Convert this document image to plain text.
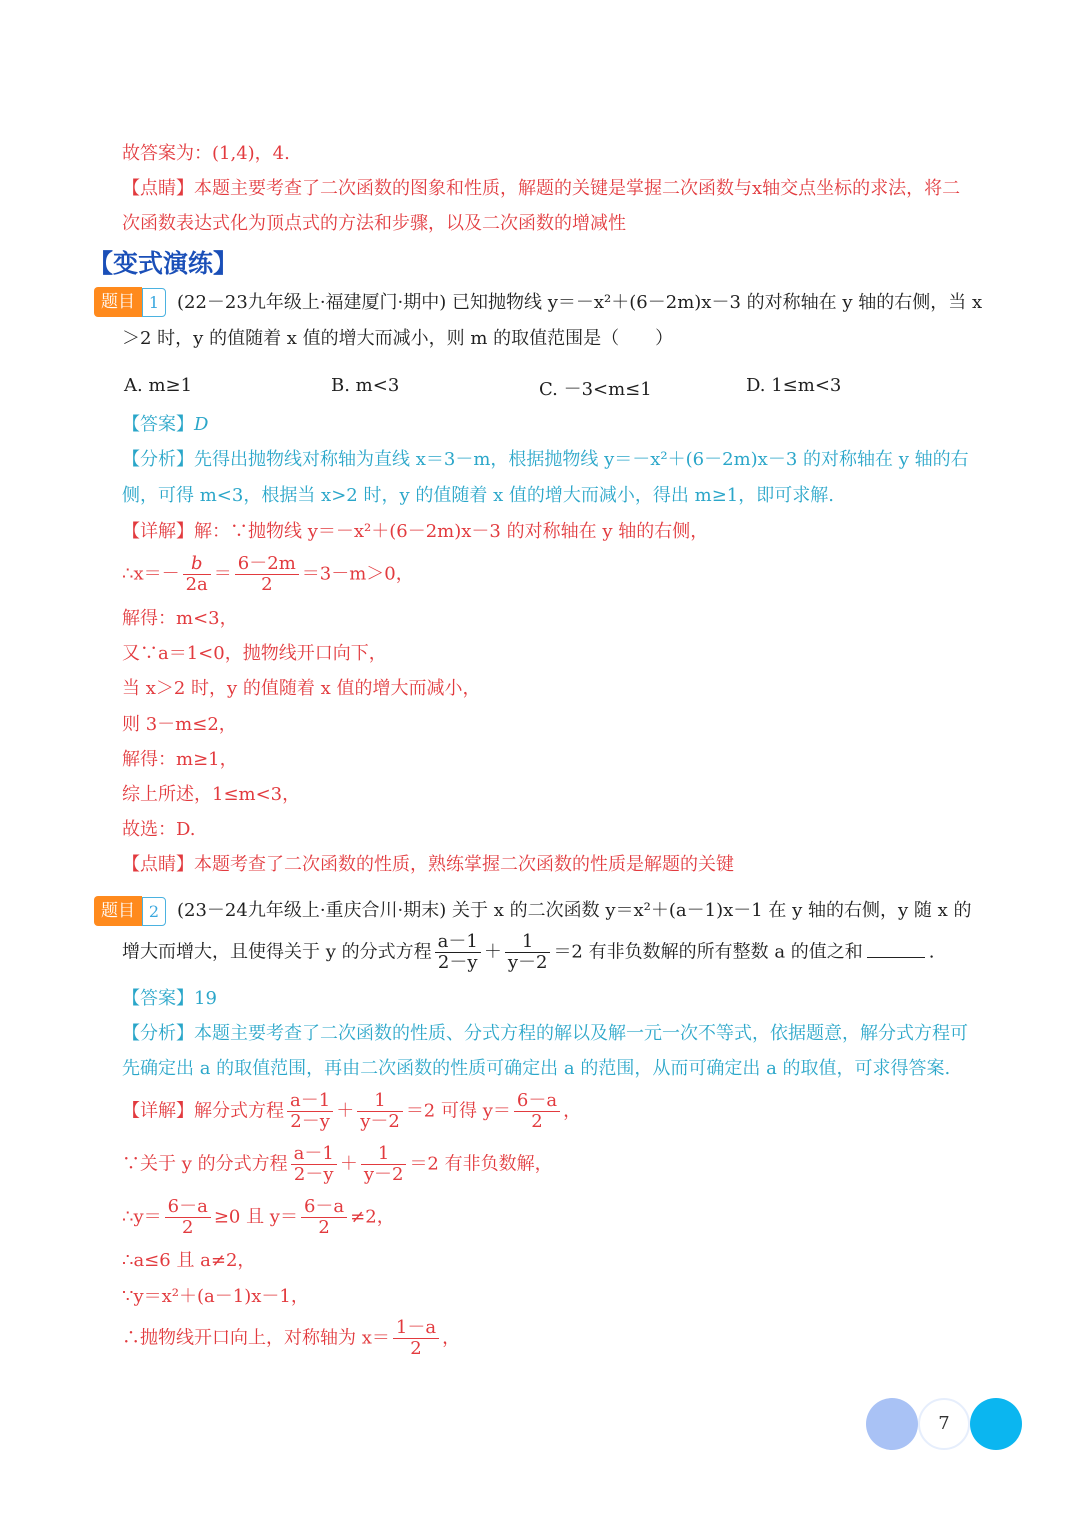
故答案为：(1,4)，4.
【点睛】本题主要考查了二次函数的图象和性质，解题的关键是掌握二次函数与x轴交点坐标的求法，将二
次函数表达式化为顶点式的方法和步骤，以及二次函数的增减性
【变式演练】
题目 1 (22－23九年级上·福建厦门·期中) 已知抛物线 y＝－x²＋(6－2m)x－3 的对称轴在 y 轴的右侧，当 x
＞2 时，y 的值随着 x 值的增大而减小，则 m 的取值范围是（　　）
A. m≥1	B. m<3	C. －3<m≤1	D. 1≤m<3
【答案】D
【分析】先得出抛物线对称轴为直线 x＝3－m，根据抛物线 y＝－x²＋(6－2m)x－3 的对称轴在 y 轴的右
侧，可得 m<3，根据当 x>2 时，y 的值随着 x 值的增大而减小，得出 m≥1，即可求解.
【详解】解：∵抛物线 y＝－x²＋(6－2m)x－3 的对称轴在 y 轴的右侧，
∴x＝－ $\frac{b}{2a} = \frac{6-2m}{2} =3-m>0$，
解得：m<3，
又∵a＝1<0，抛物线开口向下，
当 x＞2 时，y 的值随着 x 值的增大而减小，
则 3－m≤2，
解得：m≥1，
综上所述，1≤m<3，
故选：D.
【点睛】本题考查了二次函数的性质，熟练掌握二次函数的性质是解题的关键
题目 2 (23－24九年级上·重庆合川·期末) 关于 x 的二次函数 y＝x²＋(a－1)x－1 在 y 轴的右侧，y 随 x 的
增大而增大，且使得关于 y 的分式方程 $\frac{a-1}{2-y} + \frac{1}{y-2} =2$ 有非负数解的所有整数 a 的值之和	.
【答案】19
【分析】本题主要考查了二次函数的性质、分式方程的解以及解一元一次不等式，依据题意，解分式方程可
先确定出 a 的取值范围，再由二次函数的性质可确定出 a 的范围，从而可确定出 a 的取值，可求得答案.
【详解】解分式方程 $\frac{a-1}{2-y} + \frac{1}{y-2} =2$ 可得 $y= \frac{6-a}{2}$ ，
∵关于 y 的分式方程 $\frac{a-1}{2-y} + \frac{1}{y-2} =2$ 有非负数解，
∴y＝ $\frac{6-a}{2} \ge 0$ 且 $y= \frac{6-a}{2} \ne 2$，
∴a≤6 且 a≠2，
∵y＝x²＋(a－1)x－1，
∴抛物线开口向上，对称轴为 $x= \frac{1-a}{2}$ ，
7
